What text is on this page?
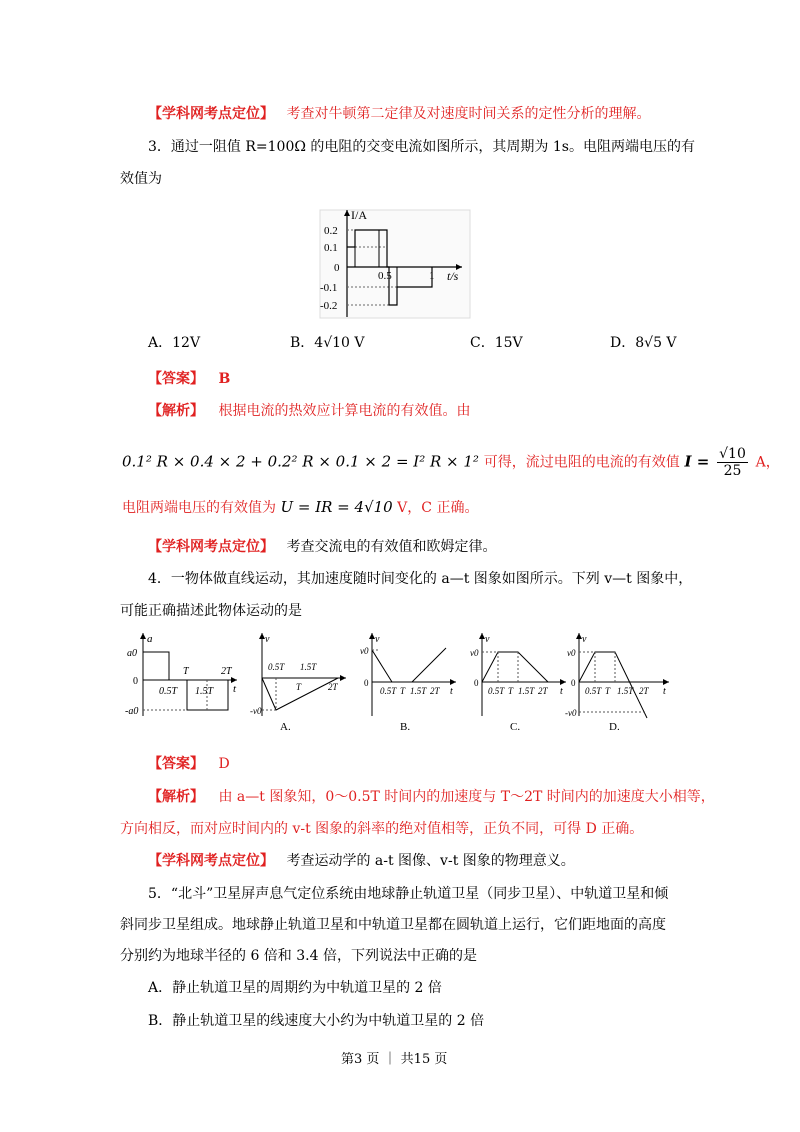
【学科网考点定位】 考查对牛顿第二定律及对速度时间关系的定性分析的理解。
3．通过一阻值 R=100Ω 的电阻的交变电流如图所示，其周期为 1s。电阻两端电压的有
效值为
I/A
t/s
0.2
0.1
0
-0.1
-0.2
0.5	1
A．12V	B．4√10 V	C．15V	D．8√5 V
【答案】 B
【解析】 根据电流的热效应计算电流的有效值。由
0.1² R × 0.4 × 2 + 0.2² R × 0.1 × 2 = I² R × 1² 可得，流过电阻的电流的有效值 $I = \frac{√10}{25}$ A，
电阻两端电压的有效值为 U = IR = 4√10 V，C 正确。
【学科网考点定位】 考查交流电的有效值和欧姆定律。
4．一物体做直线运动，其加速度随时间变化的 a—t 图象如图所示。下列 v—t 图象中，
可能正确描述此物体运动的是
a
a0
0
-a0
T	2T
0.5T 1.5T t
v
-v0
0.5T 1.5T
T	2T
A.
v
v0
0
0.5T T 1.5T 2T t
B.
v
v0
0
0.5T T 1.5T 2T t
C.
v
v0
0
-v0
0.5T T 1.5T 2T t
D.
【答案】 D
【解析】 由 a—t 图象知，0～0.5T 时间内的加速度与 T～2T 时间内的加速度大小相等，
方向相反，而对应时间内的 v-t 图象的斜率的绝对值相等，正负不同，可得 D 正确。
【学科网考点定位】 考查运动学的 a-t 图像、v-t 图象的物理意义。
5．“北斗”卫星屏声息气定位系统由地球静止轨道卫星（同步卫星）、中轨道卫星和倾
斜同步卫星组成。地球静止轨道卫星和中轨道卫星都在圆轨道上运行，它们距地面的高度
分别约为地球半径的 6 倍和 3.4 倍，下列说法中正确的是
A．静止轨道卫星的周期约为中轨道卫星的 2 倍
B．静止轨道卫星的线速度大小约为中轨道卫星的 2 倍
第3 页 ｜ 共15 页
